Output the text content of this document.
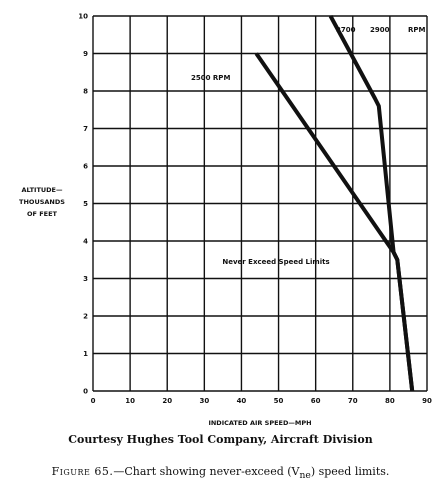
0	10	20	30	40	50	60	70	80	90
0
1
2
3
4
5
6
7
8
9
10
ALTITUDE—
THOUSANDS
OF FEET
INDICATED AIR SPEED—MPH
2500 RPM
2700 2900	RPM
Never Exceed Speed Limits
Courtesy Hughes Tool Company, Aircraft Division
Figure 65.—Chart showing never-exceed $(V_{ne})$ speed limits.
